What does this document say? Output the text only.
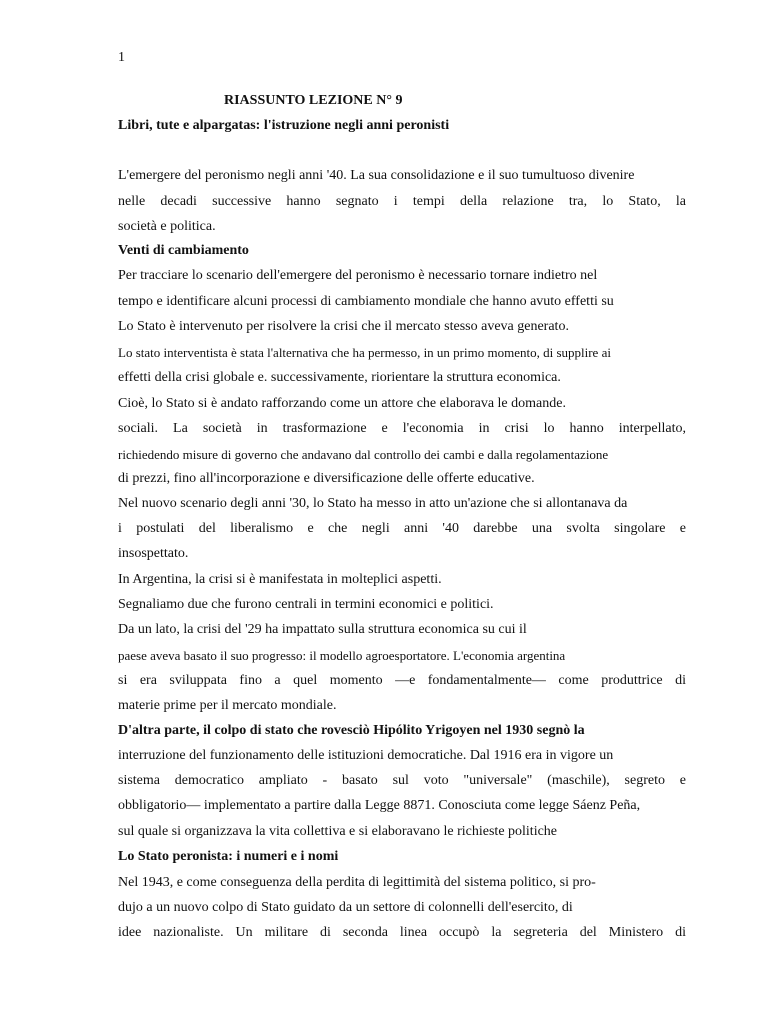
1
RIASSUNTO LEZIONE N° 9
Libri, tute e alpargatas: l'istruzione negli anni peronisti
L'emergere del peronismo negli anni '40. La sua consolidazione e il suo tumultuoso divenire
nelle decadi successive hanno segnato i tempi della relazione tra, lo Stato, la
società e politica.
Venti di cambiamento
Per tracciare lo scenario dell'emergere del peronismo è necessario tornare indietro nel
tempo e identificare alcuni processi di cambiamento mondiale che hanno avuto effetti su
Lo Stato è intervenuto per risolvere la crisi che il mercato stesso aveva generato.
Lo stato interventista è stata l'alternativa che ha permesso, in un primo momento, di supplire ai
effetti della crisi globale e. successivamente, riorientare la struttura economica.
Cioè, lo Stato si è andato rafforzando come un attore che elaborava le domande.
sociali. La società in trasformazione e l'economia in crisi lo hanno interpellato,
richiedendo misure di governo che andavano dal controllo dei cambi e dalla regolamentazione
di prezzi, fino all'incorporazione e diversificazione delle offerte educative.
Nel nuovo scenario degli anni '30, lo Stato ha messo in atto un'azione che si allontanava da
i postulati del liberalismo e che negli anni '40 darebbe una svolta singolare e
insospettato.
In Argentina, la crisi si è manifestata in molteplici aspetti.
Segnaliamo due che furono centrali in termini economici e politici.
Da un lato, la crisi del '29 ha impattato sulla struttura economica su cui il
paese aveva basato il suo progresso: il modello agroesportatore. L'economia argentina
si era sviluppata fino a quel momento —e fondamentalmente— come produttrice di
materie prime per il mercato mondiale.
D'altra parte, il colpo di stato che rovesciò Hipólito Yrigoyen nel 1930 segnò la
interruzione del funzionamento delle istituzioni democratiche. Dal 1916 era in vigore un
sistema democratico ampliato - basato sul voto "universale" (maschile), segreto e
obbligatorio— implementato a partire dalla Legge 8871. Conosciuta come legge Sáenz Peña,
sul quale si organizzava la vita collettiva e si elaboravano le richieste politiche
Lo Stato peronista: i numeri e i nomi
Nel 1943, e come conseguenza della perdita di legittimità del sistema politico, si pro-
dujo a un nuovo colpo di Stato guidato da un settore di colonnelli dell'esercito, di
idee nazionaliste. Un militare di seconda linea occupò la segreteria del Ministero di
